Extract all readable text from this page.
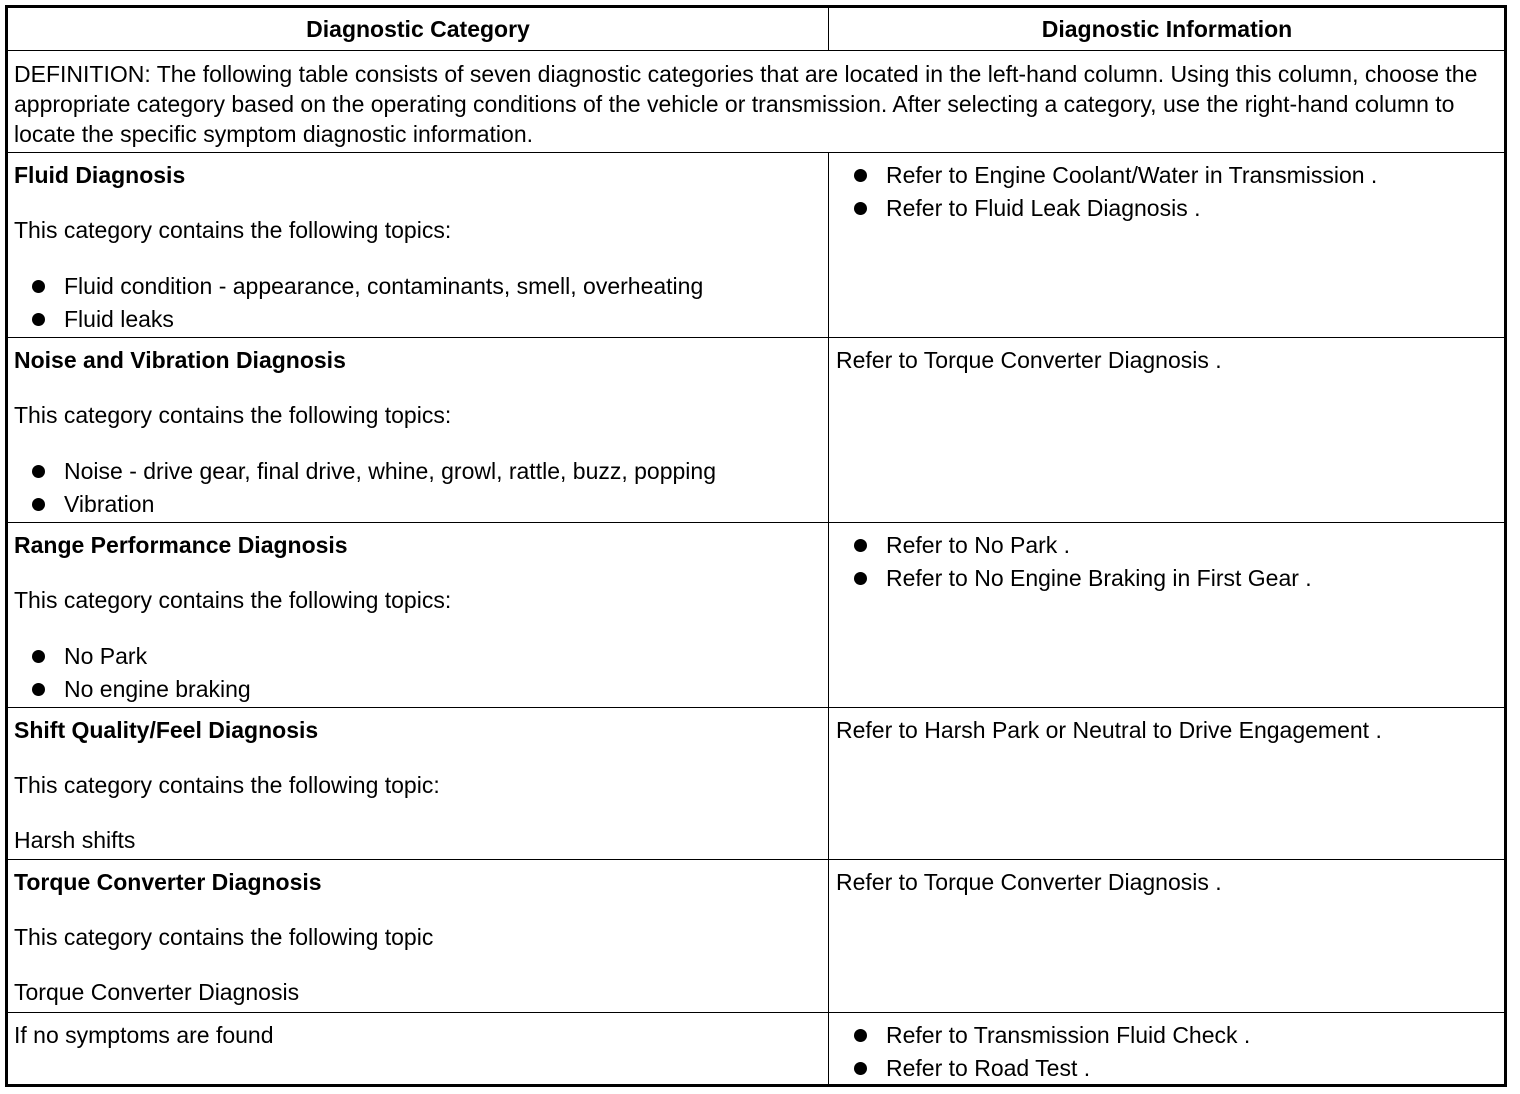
Diagnostic Category	Diagnostic Information
DEFINITION: The following table consists of seven diagnostic categories that are located in the left-hand column. Using this column, choose the appropriate category based on the operating conditions of the vehicle or transmission. After selecting a category, use the right-hand column to locate the specific symptom diagnostic information.
Fluid Diagnosis

This category contains the following topics:

Fluid condition - appearance, contaminants, smell, overheating
Fluid leaks
Refer to Engine Coolant/Water in Transmission .
Refer to Fluid Leak Diagnosis .
Noise and Vibration Diagnosis

This category contains the following topics:

Noise - drive gear, final drive, whine, growl, rattle, buzz, popping
Vibration
Refer to Torque Converter Diagnosis .
Range Performance Diagnosis

This category contains the following topics:

No Park
No engine braking
Refer to No Park .
Refer to No Engine Braking in First Gear .
Shift Quality/Feel Diagnosis

This category contains the following topic:

Harsh shifts

Refer to Harsh Park or Neutral to Drive Engagement .
Torque Converter Diagnosis

This category contains the following topic

Torque Converter Diagnosis

Refer to Torque Converter Diagnosis .
If no symptoms are found	Refer to Transmission Fluid Check .
Refer to Road Test .
